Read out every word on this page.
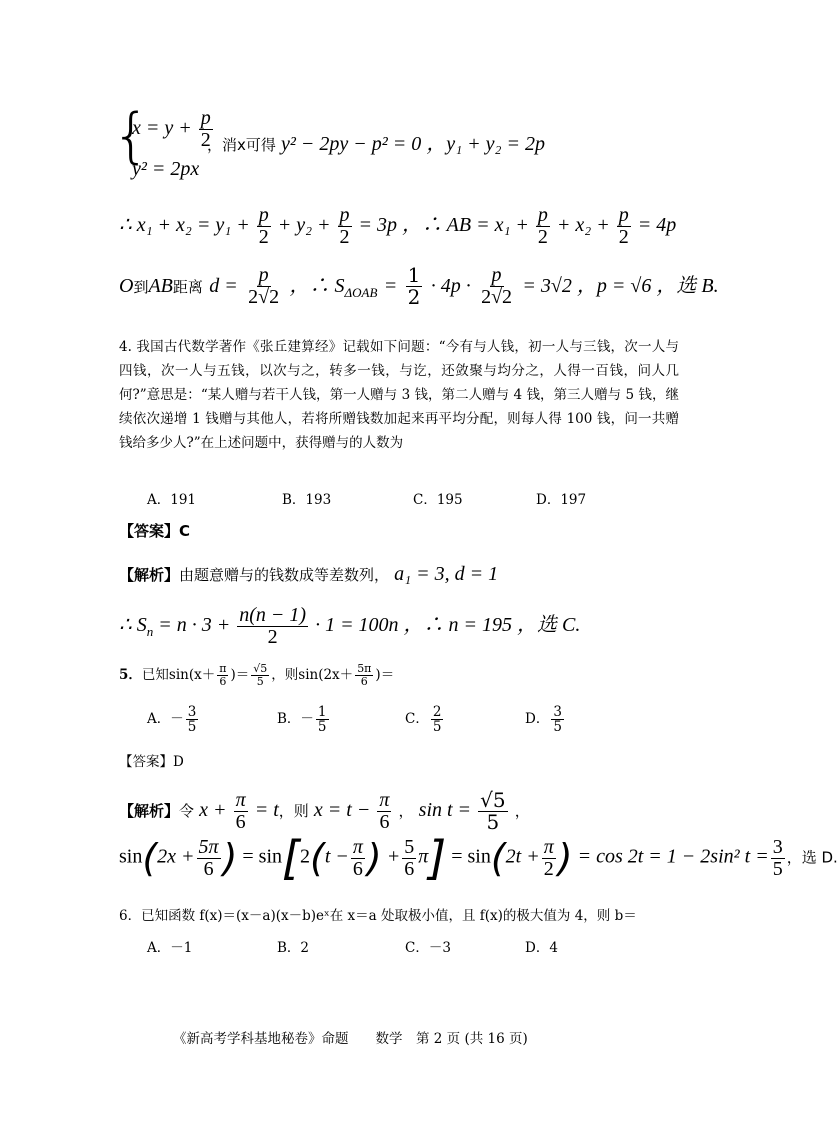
{
$x = y + \frac{p}{2}$
y² = 2px
，消x可得 y² − 2py − p² = 0 ，y₁ + y₂ = 2p
∴ $x_1 + x_2 = y_1 + \frac{p}{2} + y_2 + \frac{p}{2} = 3p$ ，∴ AB = $x_1 + \frac{p}{2} + x_2 + \frac{p}{2} = 4p$
O到AB距离 $d = \frac{p}{2√2}$ ，∴ $S_{\Delta OAB} = \frac{1}{2} \cdot 4p \cdot \frac{p}{2√2} = 3√2$ ，p = √6 ，选 B.
4. 我国古代数学著作《张丘建算经》记载如下问题：“今有与人钱，初一人与三钱，次一人与四钱，次一人与五钱，以次与之，转多一钱，与讫，还敛聚与均分之，人得一百钱，问人几何?”意思是：“某人赠与若干人钱，第一人赠与 3 钱，第二人赠与 4 钱，第三人赠与 5 钱，继续依次递增 1 钱赠与其他人，若将所赠钱数加起来再平均分配，则每人得 100 钱，问一共赠钱给多少人?”在上述问题中，获得赠与的人数为
A．191	B．193	C．195	D．197
【答案】C
【解析】由题意赠与的钱数成等差数列， a₁ = 3, d = 1
∴ $S_n = n \cdot 3 + \frac{n(n - 1)}{2} \cdot 1 = 100n$ ，∴ n = 195 ，选 C.
5．已知$\sin(x+ \frac{\pi}{6}$ )＝ $\frac{√5}{5}$ ，则$\sin(2x+ \frac{5\pi}{6}$ )＝
A．－ $\frac{3}{5}$	B．－ $\frac{1}{5}$	C． $\frac{2}{5}$	D． $\frac{3}{5}$
【答案】D
【解析】令 $x + \frac{\pi}{6} = t$，则 $x = t - \frac{\pi}{6}$ ， $\sin t = \frac{√5}{5}$ ，
$\sin(2x + \frac{5\pi}{6}$ ) = $\sin[2(t - \frac{\pi}{6}$ ) + $\frac{5}{6} \pi] = \sin(2t + \frac{\pi}{2}$ ) = cos 2t = 1 − 2sin² $t = \frac{3}{5}$ ，选 D.
6．已知函数 f(x)＝(x－a)(x－b)eˣ在 x＝a 处取极小值，且 f(x)的极大值为 4，则 b＝
A．－1	B．2	C．－3	D．4
《新高考学科基地秘卷》命题　　数学　第 2 页 (共 16 页)
